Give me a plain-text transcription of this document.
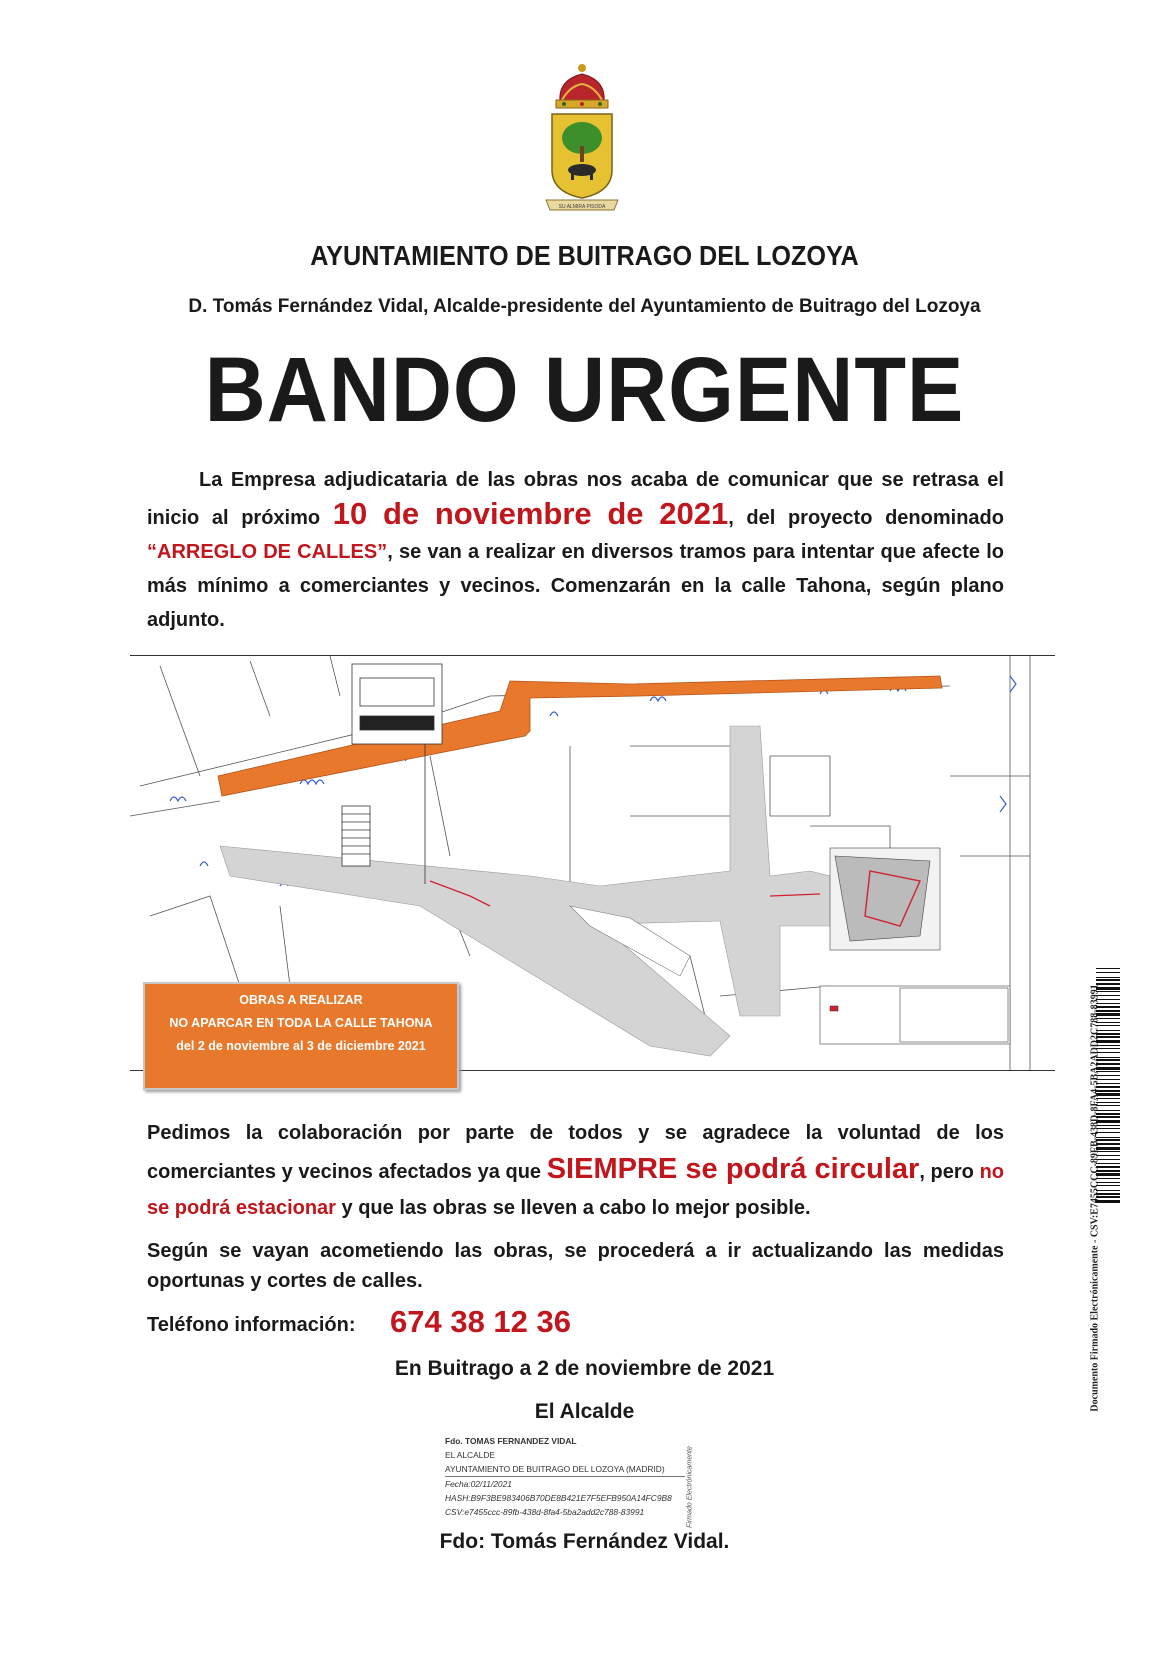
SU ALMIRA PISODA
AYUNTAMIENTO DE BUITRAGO DEL LOZOYA
D. Tomás Fernández Vidal, Alcalde-presidente del Ayuntamiento de Buitrago del Lozoya
BANDO URGENTE
La Empresa adjudicataria de las obras nos acaba de comunicar que se retrasa el inicio al próximo 10 de noviembre de 2021, del proyecto denominado “ARREGLO DE CALLES”, se van a realizar en diversos tramos para intentar que afecte lo más mínimo a comerciantes y vecinos. Comenzarán en la calle Tahona, según plano adjunto.
OBRAS A REALIZAR
NO APARCAR EN TODA LA CALLE TAHONA
del 2 de noviembre al 3 de diciembre 2021
Pedimos la colaboración por parte de todos y se agradece la voluntad de los comerciantes y vecinos afectados ya que SIEMPRE se podrá circular, pero no se podrá estacionar y que las obras se lleven a cabo lo mejor posible.
Según se vayan acometiendo las obras, se procederá a ir actualizando las medidas oportunas y cortes de calles.
Teléfono información: 674 38 12 36
En Buitrago a 2 de noviembre de 2021
El Alcalde
Fdo. TOMAS FERNANDEZ VIDAL
EL ALCALDE
AYUNTAMIENTO DE BUITRAGO DEL LOZOYA (MADRID)
Fecha:02/11/2021
HASH:B9F3BE983406B70DE8B421E7F5EFB950A14FC9B8
CSV:e7455ccc-89fb-438d-8fa4-5ba2add2c788-83991	Firmado Electrónicamente
Fdo: Tomás Fernández Vidal.
Documento Firmado Electrónicamente - CSV:E7455CCC-89FB-438D-8FA4-5BA2ADD2C788-83991
